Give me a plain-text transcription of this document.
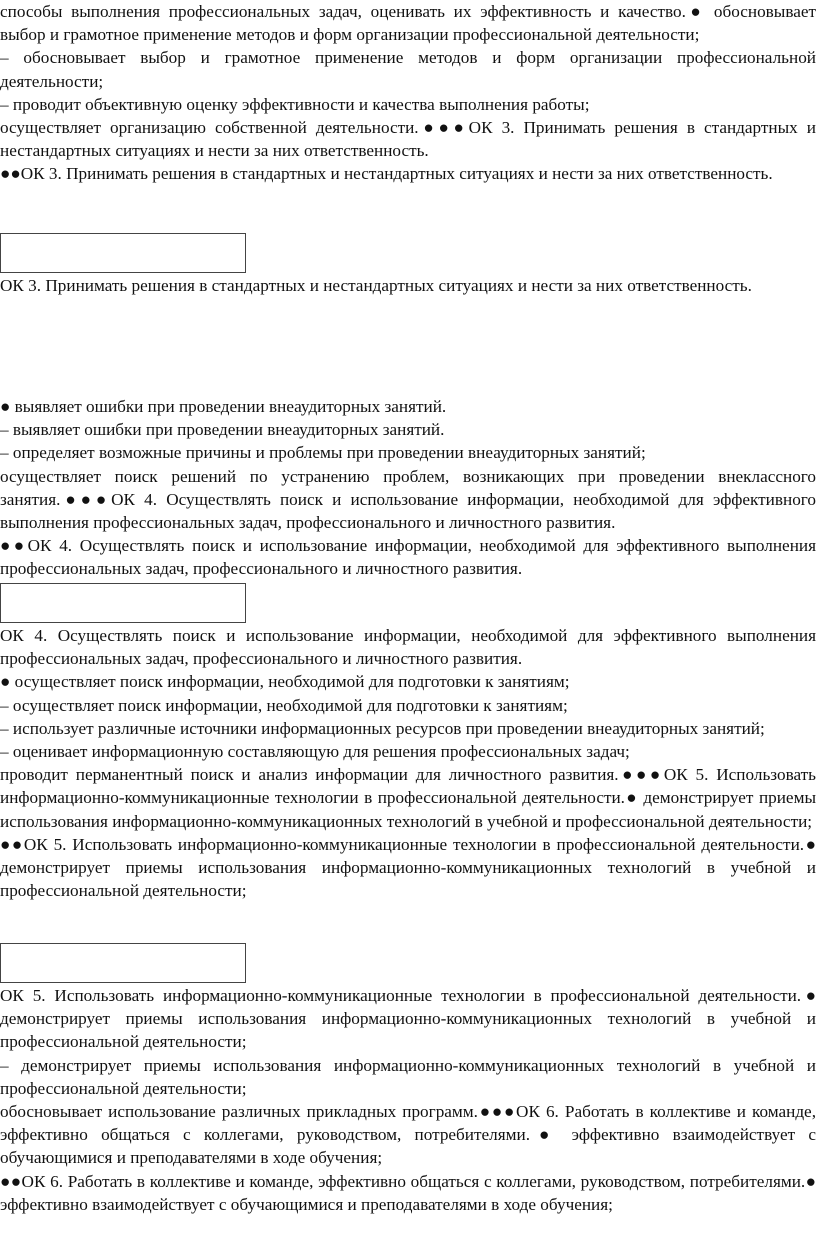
способы выполнения профессиональных задач, оценивать их эффективность и качество.● обосновывает выбор и грамотное применение методов и форм организации профессиональной деятельности;

– обосновывает выбор и грамотное применение методов и форм организации профессиональной деятельности;

– проводит объективную оценку эффективности и качества выполнения работы;

осуществляет организацию собственной деятельности.●●●ОК 3. Принимать решения в стандартных и нестандартных ситуациях и нести за них ответственность.

●●ОК 3. Принимать решения в стандартных и нестандартных ситуациях и нести за них ответственность.

ОК 3. Принимать решения в стандартных и нестандартных ситуациях и нести за них ответственность.

● выявляет ошибки при проведении внеаудиторных занятий.

– выявляет ошибки при проведении внеаудиторных занятий.

– определяет возможные причины и проблемы при проведении внеаудиторных занятий;

осуществляет поиск решений по устранению проблем, возникающих при проведении внеклассного занятия.●●●ОК 4. Осуществлять поиск и использование информации, необходимой для эффективного выполнения профессиональных задач, профессионального и личностного развития.

●●ОК 4. Осуществлять поиск и использование информации, необходимой для эффективного выполнения профессиональных задач, профессионального и личностного развития.

ОК 4. Осуществлять поиск и использование информации, необходимой для эффективного выполнения профессиональных задач, профессионального и личностного развития.

● осуществляет поиск информации, необходимой для подготовки к занятиям;

– осуществляет поиск информации, необходимой для подготовки к занятиям;

– использует различные источники информационных ресурсов при проведении внеаудиторных занятий;

– оценивает информационную составляющую для решения профессиональных задач;

проводит перманентный поиск и анализ информации для личностного развития.●●●ОК 5. Использовать информационно-коммуникационные технологии в профессиональной деятельности.● демонстрирует приемы использования информационно-коммуникационных технологий в учебной и профессиональной деятельности;

●●ОК 5. Использовать информационно-коммуникационные технологии в профессиональной деятельности.● демонстрирует приемы использования информационно-коммуникационных технологий в учебной и профессиональной деятельности;

ОК 5. Использовать информационно-коммуникационные технологии в профессиональной деятельности.● демонстрирует приемы использования информационно-коммуникационных технологий в учебной и профессиональной деятельности;

– демонстрирует приемы использования информационно-коммуникационных технологий в учебной и профессиональной деятельности;

обосновывает использование различных прикладных программ.●●●ОК 6. Работать в коллективе и команде, эффективно общаться с коллегами, руководством, потребителями.● эффективно взаимодействует с обучающимися и преподавателями в ходе обучения;

●●ОК 6. Работать в коллективе и команде, эффективно общаться с коллегами, руководством, потребителями.● эффективно взаимодействует с обучающимися и преподавателями в ходе обучения;
